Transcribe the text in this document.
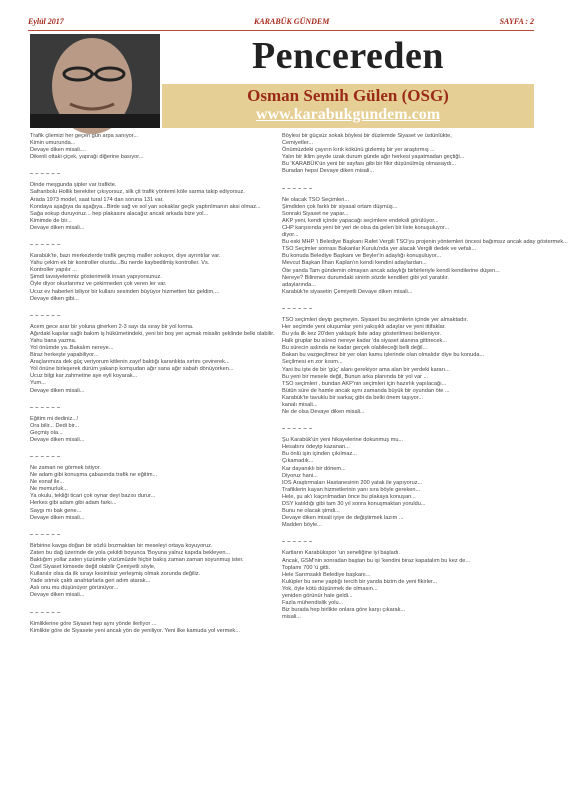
Eylül 2017	KARABÜK GÜNDEM	SAYFA : 2
Pencereden
Osman Semih Gülen (OSG)
www.karabukgundem.com
Trafik çilemizi her geçen gün arpa sanıyor...
Kimin umurunda...
Devaye diken misali....
Dikenli ottaki çiçek, yaprağı diğerine basıyor...
Dinde meşgunda şipler var trafikte.
Safranbolu Hollik berekiter çıkıyorsuz, silk çit trafik yöntemi köle sarma takip ediyorsuz.
Arada 1973 model, saat tural 174 dan soruna 131 var.
Kondaya aşağıya da aşağıya...Birde sağ ve sol yan sokaklar geçik yaptırılmanın aksi olmaz...
Sağa sokup duruyoruz... hep plakasını alacağız ancak arkada bize yol...
Kimimde de bir...
Devaye diken misali...
Karabük'te, bazı merkezlerde trafik geçmiş maller sokuyor, diye ayrıntılar var.
Yahu çekim ek bir kontroller olurdu...Bu nerde kaybedilmiş kontroller. Vs.
Kontroller yapılır ...
Şimdi tavsiyelerimiz gösterimelik insan yapıyorsunuz.
Öyle diyor okurlarımız ve çekirmeden çok veren ler var.
Ucuz ev haberleri biliyor bir kullanı sesinden büyüyor hizmetten biz geldim,...
Devaye diken gibi...
Acem gece arar bir yoluna girerken 2-3 sayı da sıray bir yol kırma.
Ağırdaki kapılar sağlı bakım iş hükümetindeki, yeni bir boş yer açmak misalin şeklinde belki olabilir.
Yahu bana yazma.
Yol önümde ya..Bakalım nereye...
Biraz herkeşte yapabiliyor...
Araçlarımıza dek güç veriyorum kitlenin zayıf baktığı karanlıkta sırtını çevirerek...
Yol önüne birleşerek dürüm yakarıp komşudan ağır sana ağır sabah dönüyorken...
Ucuz bilgi kar zahmetine aye eyli koyarak...
Yum...
Devaye diken misali...
Eğitim mi dediniz...!
Ora bilir... Dedi bir...
Geçmiş ola...
Devaye diken misali...
Ne zaman ne görmek istiyor.
Ne adam gibi konuşma çabasında trafik ne eğitim...
Ne esnaf ile...
Ne memurluk...
Ya okulu, tekliği ticari çok oynar deyi bazısı durur...
Herkes gibi adam gibi adam farkı...
Saygı mı bak gene...
Devaye diken misali...
Birbirine kavga doğan bir sözlü bozmaktan bir meseleyi ortaya koyuyoruz.
Zaten bu dağ üzerinde de yola çekildi boyunca 'Boyuna yalnız kapıda bekleyen...
Baktığım yollar zaten yüzümde yüzümüzde hiçbir bakış zaman zaman soyunmuş ister.
Özel Siyaset kimsede değil olabilir Çemiyetli söyle,
Kullanılır olsa da ilk sırayı kesintisiz yerleşmiş olmak zorunda değiliz.
Yade sıtmık çaktı anahtarlarla geri adım atarak...
Aslı onu mu düşünüyor görünüyor...
Devaye diken misali...
Kimliklerine göre Siyaset hep aynı yönde ilerliyor ...
Kimlikte göre de Siyasete yeni ancak yön de yeniliyor. Yeni ilke kamuda yol vermek...
Böylesi bir güçsüz sokak böylesi bir düzlemde Siyaset ve üstünlükte,
Cemiyetler...
Önümüzdeki çayırın kırık kökünü gizlemiş bir yer araştırmış ...
Yalın bir iklim şeyde uzak durum günde ağır herkesi yaşatmadan geçtiği...
Bu 'KARABÜK'ün yeni bir sayfası gibi bir fikir düşünülmüş olmasaydı...
Buradan hepsi Devaye diken misali...
Ne olacak TSO Seçimleri...
Şimdiden çok farklı bir siyasal ortam düşmüş...
Sonraki Siyaset ne yapar...
AKP yeni, kendi içinde yapacağı seçimlere endeksli görülüyor...
CHP karşısında yeni bir yeri de olsa da gelen bir liste konuşuluyor...
diyor...
Bu eski MHP 'i Belediye Başkanı Rafet Vergili TSO'yu projenin yöntemleri öncesi bağımsız ancak aday göstermek...
TSO Seçimler sonrası Bakanlar Kurulu'nda yer alacak Vergili dedek ve vefalı...
Bu konuda Belediye Başkanı ve Beyler'in adaylığı konuşuluyor...
Mevcut Başkan İlhan Kaplan'ın kendi kendini adaylardan...
Öte yanda Tam gündemin olmayan ancak adaylığı birbirleriyle kendi kendilerine düşen...
Nereye? Bilinmez durumdaki sinirin sözde kendileri gibi yol yaratılır.
adaylarında...
Karabük'te siyasetin Çemiyetli Devaye diken misali...
TSO seçimleri deyip geçmeyin. Siyaset bu seçimlerin içinde yer almaktadır.
Her seçimde yeni oluşumlar yeni yakışıklı adaylar ve yeni ittifaklar.
Bu yıla ilk kez 20'den yaklaşık liste aday gösterilmesi bekleniyor.
Halk gruplar bu süreci nereye kadar 'da siyaset alanına gittirecek...
Bu sürecin aslında ne kadar gerçek olabileceği belli değil...
Bakan bu vazgeçilmez bir yer olan kamu işlerinde olan olmalıdır diye bu konuda...
Seçilmesi en zor kısım...
Yani bu işte de bir 'güç' alanı gerekiyor ama alan bir yerdeki kararı...
Bu yeni bir mesele değil, Bunun arka planında bir yol var ...
TSO seçimleri , bundan AKP'nin seçimleri için hazırlık yapılacağı...
Bütün süre de hamle ancak aynı zamanda büyük bir oyundan öte ...
Karabük'te tavuklu bir sarkaç gibi da belki önem taşıyor...
kanalı misali...
Ne de olsa Devaye diken misali...
Şu Karabük'ün yeni hikayelerine dokunmuş mu...
Hesabını ödeyip kazanan...
Bu önlü işin içinden çıkılmaz...
Çıkamadık...
Kar dayanıklı bir dönem...
Diyoruz hani...
IOS Araştırmaları Hastanesinin 200 yatak ile yapıyoruz...
Trafiklerin kayan hizmetlerinin yanı sıra böyle gereken...
Hele, şu ak'ı kaçırılmadan önce bu plakaya konuşan...
DSY katıldığı gibi tam 30 yıl sonra konuşmaktan yoruldu...
Bunu ne olacak şimdi...
Devaye diken misali iyiye de değiştirmek lazım ...
Madden böyle...
Kartların Karabükspor 'un seneliğine iyi başladı.
Ancak, GSM'nin sonradan baştan bu işi 'kendini biraz kapatalım bu kez de...
Toplamı 700 'ü gitti.
Hele Sarımsaklı Belediye başkanı...
Kulüpler bu sene yaptığı tercih bir yanda bizim de yeni fikirler...
Yok, öyle kötü düşünmek de olmasın...
yeniden görünür hale geldi...
Fazla mühendislik yolu...
Biz burada hep birlikte onlara göre karşı çıkarak...
misali...
